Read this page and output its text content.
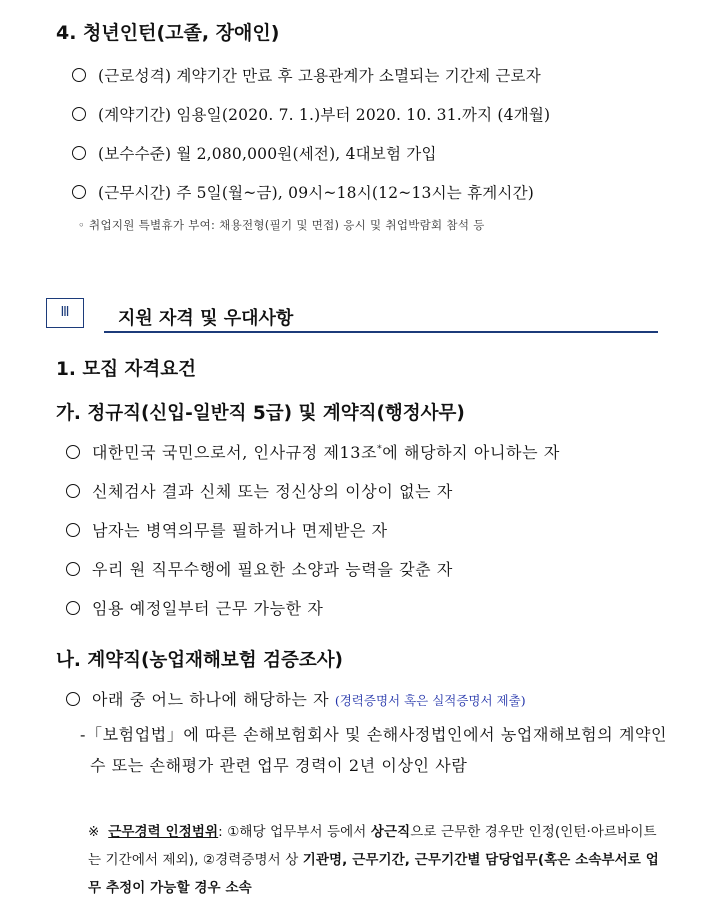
4. 청년인턴(고졸, 장애인)
(근로성격) 계약기간 만료 후 고용관계가 소멸되는 기간제 근로자
(계약기간) 임용일(2020. 7. 1.)부터 2020. 10. 31.까지 (4개월)
(보수수준) 월 2,080,000원(세전), 4대보험 가입
(근무시간) 주 5일(월~금), 09시~18시(12~13시는 휴게시간)
◦ 취업지원 특별휴가 부여: 채용전형(필기 및 면접) 응시 및 취업박람회 참석 등
Ⅲ	지원 자격 및 우대사항
1. 모집 자격요건
가. 정규직(신입-일반직 5급) 및 계약직(행정사무)
대한민국 국민으로서, 인사규정 제13조*에 해당하지 아니하는 자
신체검사 결과 신체 또는 정신상의 이상이 없는 자
남자는 병역의무를 필하거나 면제받은 자
우리 원 직무수행에 필요한 소양과 능력을 갖춘 자
임용 예정일부터 근무 가능한 자
나. 계약직(농업재해보험 검증조사)
아래 중 어느 하나에 해당하는 자 (경력증명서 혹은 실적증명서 제출)
-「보험업법」에 따른 손해보험회사 및 손해사정법인에서 농업재해보험의 계약인수 또는 손해평가 관련 업무 경력이 2년 이상인 사람
※ 근무경력 인정범위: ①해당 업무부서 등에서 상근직으로 근무한 경우만 인정(인턴·아르바이트는 기간에서 제외), ②경력증명서 상 기관명, 근무기간, 근무기간별 담당업무(혹은 소속부서로 업무 추정이 가능할 경우 소속
